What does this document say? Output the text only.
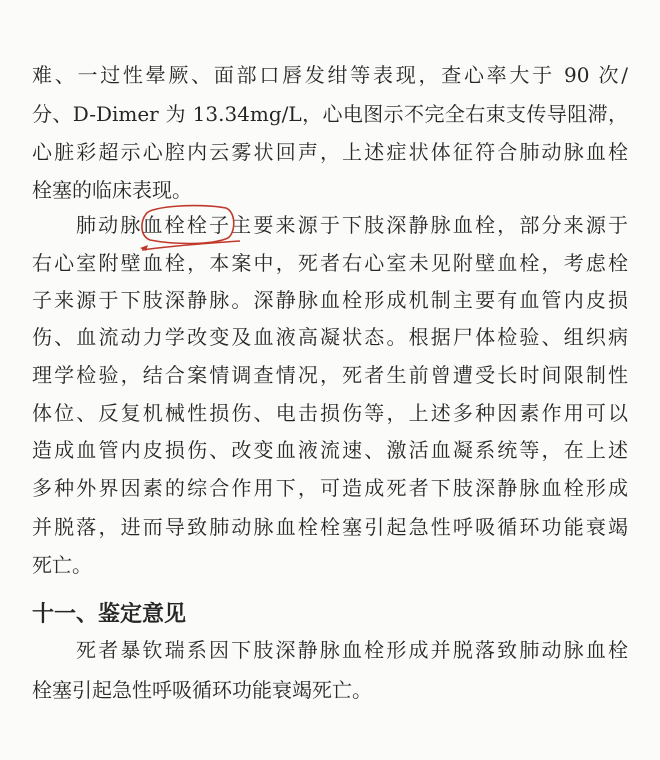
难、一过性晕厥、面部口唇发绀等表现，查心率大于 90 次/
分、D-Dimer 为 13.34mg/L，心电图示不完全右束支传导阻滞，
心脏彩超示心腔内云雾状回声，上述症状体征符合肺动脉血栓
栓塞的临床表现。
肺动脉血栓栓子主要来源于下肢深静脉血栓，部分来源于
右心室附壁血栓，本案中，死者右心室未见附壁血栓，考虑栓
子来源于下肢深静脉。深静脉血栓形成机制主要有血管内皮损
伤、血流动力学改变及血液高凝状态。根据尸体检验、组织病
理学检验，结合案情调查情况，死者生前曾遭受长时间限制性
体位、反复机械性损伤、电击损伤等，上述多种因素作用可以
造成血管内皮损伤、改变血液流速、激活血凝系统等，在上述
多种外界因素的综合作用下，可造成死者下肢深静脉血栓形成
并脱落，进而导致肺动脉血栓栓塞引起急性呼吸循环功能衰竭
死亡。
十一、鉴定意见
死者暴钦瑞系因下肢深静脉血栓形成并脱落致肺动脉血栓
栓塞引起急性呼吸循环功能衰竭死亡。
